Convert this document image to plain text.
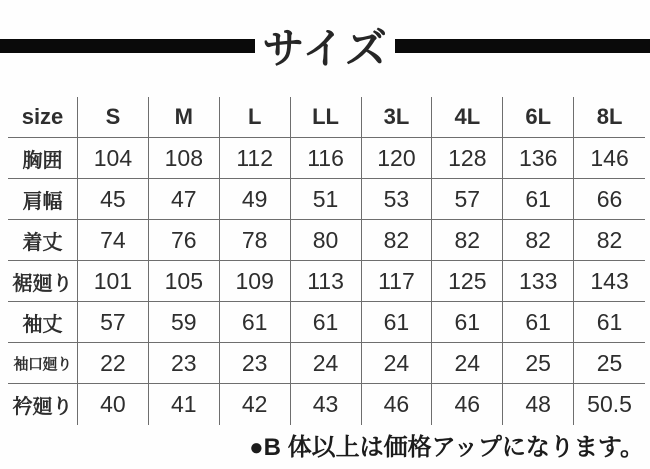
サイズ
size	S	M	L	LL	3L	4L	6L	8L
胸囲	104	108	112	116	120	128	136	146
肩幅	45	47	49	51	53	57	61	66
着丈	74	76	78	80	82	82	82	82
裾廻り 101	105	109	113	117	125	133	143
袖丈	57	59	61	61	61	61	61	61
袖口廻り	22	23	23	24	24	24	25	25
衿廻り	40	41	42	43	46	46	48	50.5
●B 体以上は価格アップになります。
